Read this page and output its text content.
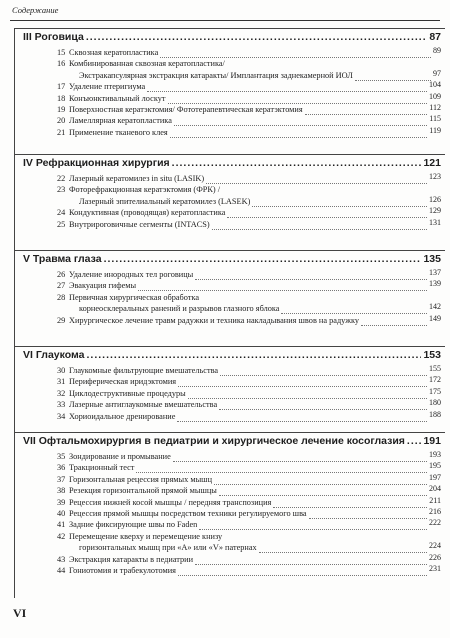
Содержание
III Роговица .....	87
15 Сквозная кератопластика	89
16 Комбинированная сквозная кератопластика/
Экстракапсулярная экстракция катаракты/ Имплантация заднекамерной ИОЛ	97
17 Удаление птеригиума	104
18 Конъюнктивальный лоскут	109
19 Поверхностная кератэктомия/ Фототерапевтическая кератэктомия	112
20 Ламеллярная кератопластика	115
21 Применение тканевого клея	119
IV Рефракционная хирургия .....	121
22 Лазерный кератомилез in situ (LASIK)	123
23 Фоторефракционная кератэктомия (ФРК) /
Лазерный эпителиальный кератомилез (LASEK)	126
24 Кондуктивная (проводящая) кератопластика	129
25 Внутрироговичные сегменты (INTACS)	131
V Травма глаза .....	135
26 Удаление инородных тел роговицы	137
27 Эвакуация гифемы	139
28 Первичная хирургическая обработка
корнеосклеральных ранений и разрывов глазного яблока	142
29 Хирургическое лечение травм радужки и техника накладывания швов на радужку	149
VI Глаукома .....	153
30 Глаукомные фильтрующие вмешательства	155
31 Периферическая иридэктомия	172
32 Циклодеструктивные процедуры	175
33 Лазерные антиглаукомные вмешательства	180
34 Хориоидальное дренирование	188
VII Офтальмохирургия в педиатрии и хирургическое лечение косоглазия ..... 191
35 Зондирование и промывание	193
36 Тракционный тест	195
37 Горизонтальная рецессия прямых мышц	197
38 Резекция горизонтальной прямой мышцы	204
39 Рецессия нижней косой мышцы / передняя транспозиция	211
40 Рецессия прямой мышцы посредством техники регулируемого шва	216
41 Задние фиксирующие швы по Faden	222
42 Перемещение кверху и перемещение книзу
горизонтальных мышц при «А» или «V» патернах	224
43 Экстракция катаракты в педиатрии	226
44 Гониотомия и трабекулотомия	231
VI
